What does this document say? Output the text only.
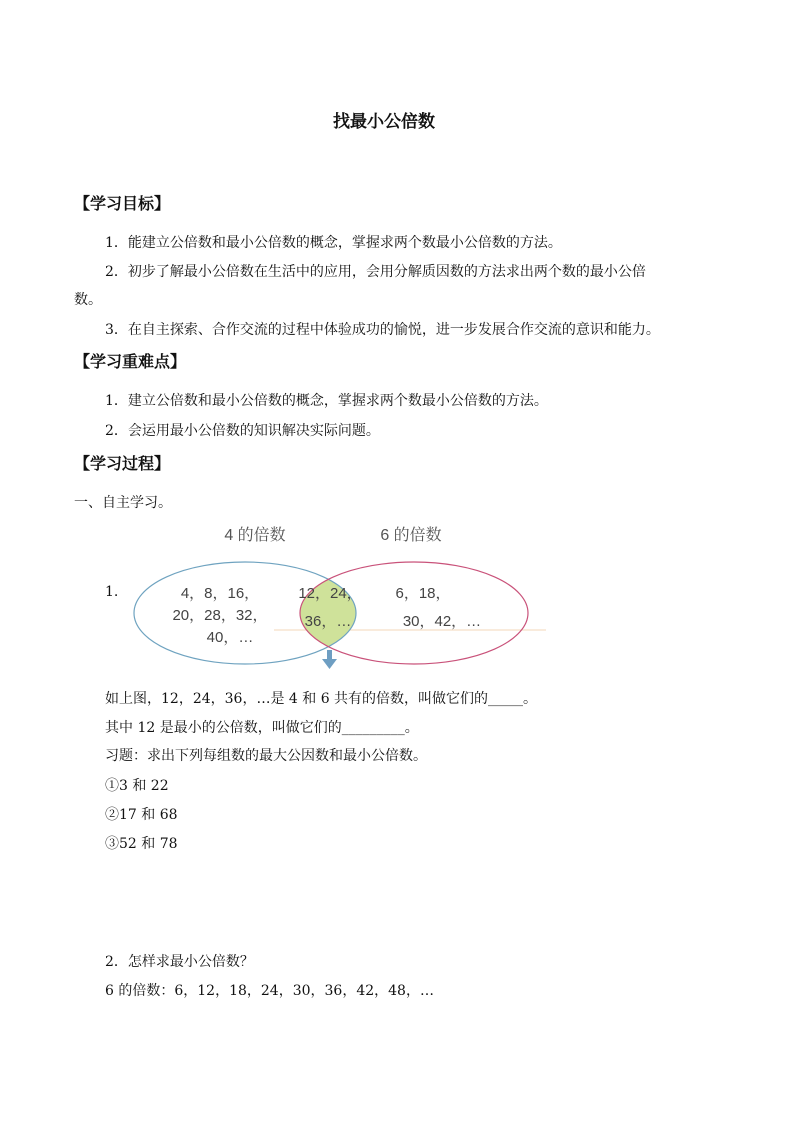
找最小公倍数
【学习目标】
1．能建立公倍数和最小公倍数的概念，掌握求两个数最小公倍数的方法。
2．初步了解最小公倍数在生活中的应用，会用分解质因数的方法求出两个数的最小公倍
数。
3．在自主探索、合作交流的过程中体验成功的愉悦，进一步发展合作交流的意识和能力。
【学习重难点】
1．建立公倍数和最小公倍数的概念，掌握求两个数最小公倍数的方法。
2．会运用最小公倍数的知识解决实际问题。
【学习过程】
一、自主学习。
1.
4 的倍数	6 的倍数
4，8，16，
20，28，32，
40，…
12，24，
36，…
6，18，
30，42，…
如上图，12，24，36，…是 4 和 6 共有的倍数，叫做它们的_____。
其中 12 是最小的公倍数，叫做它们的_________。
习题：求出下列每组数的最大公因数和最小公倍数。
①3 和 22
②17 和 68
③52 和 78
2．怎样求最小公倍数？
6 的倍数：6，12，18，24，30，36，42，48，…
